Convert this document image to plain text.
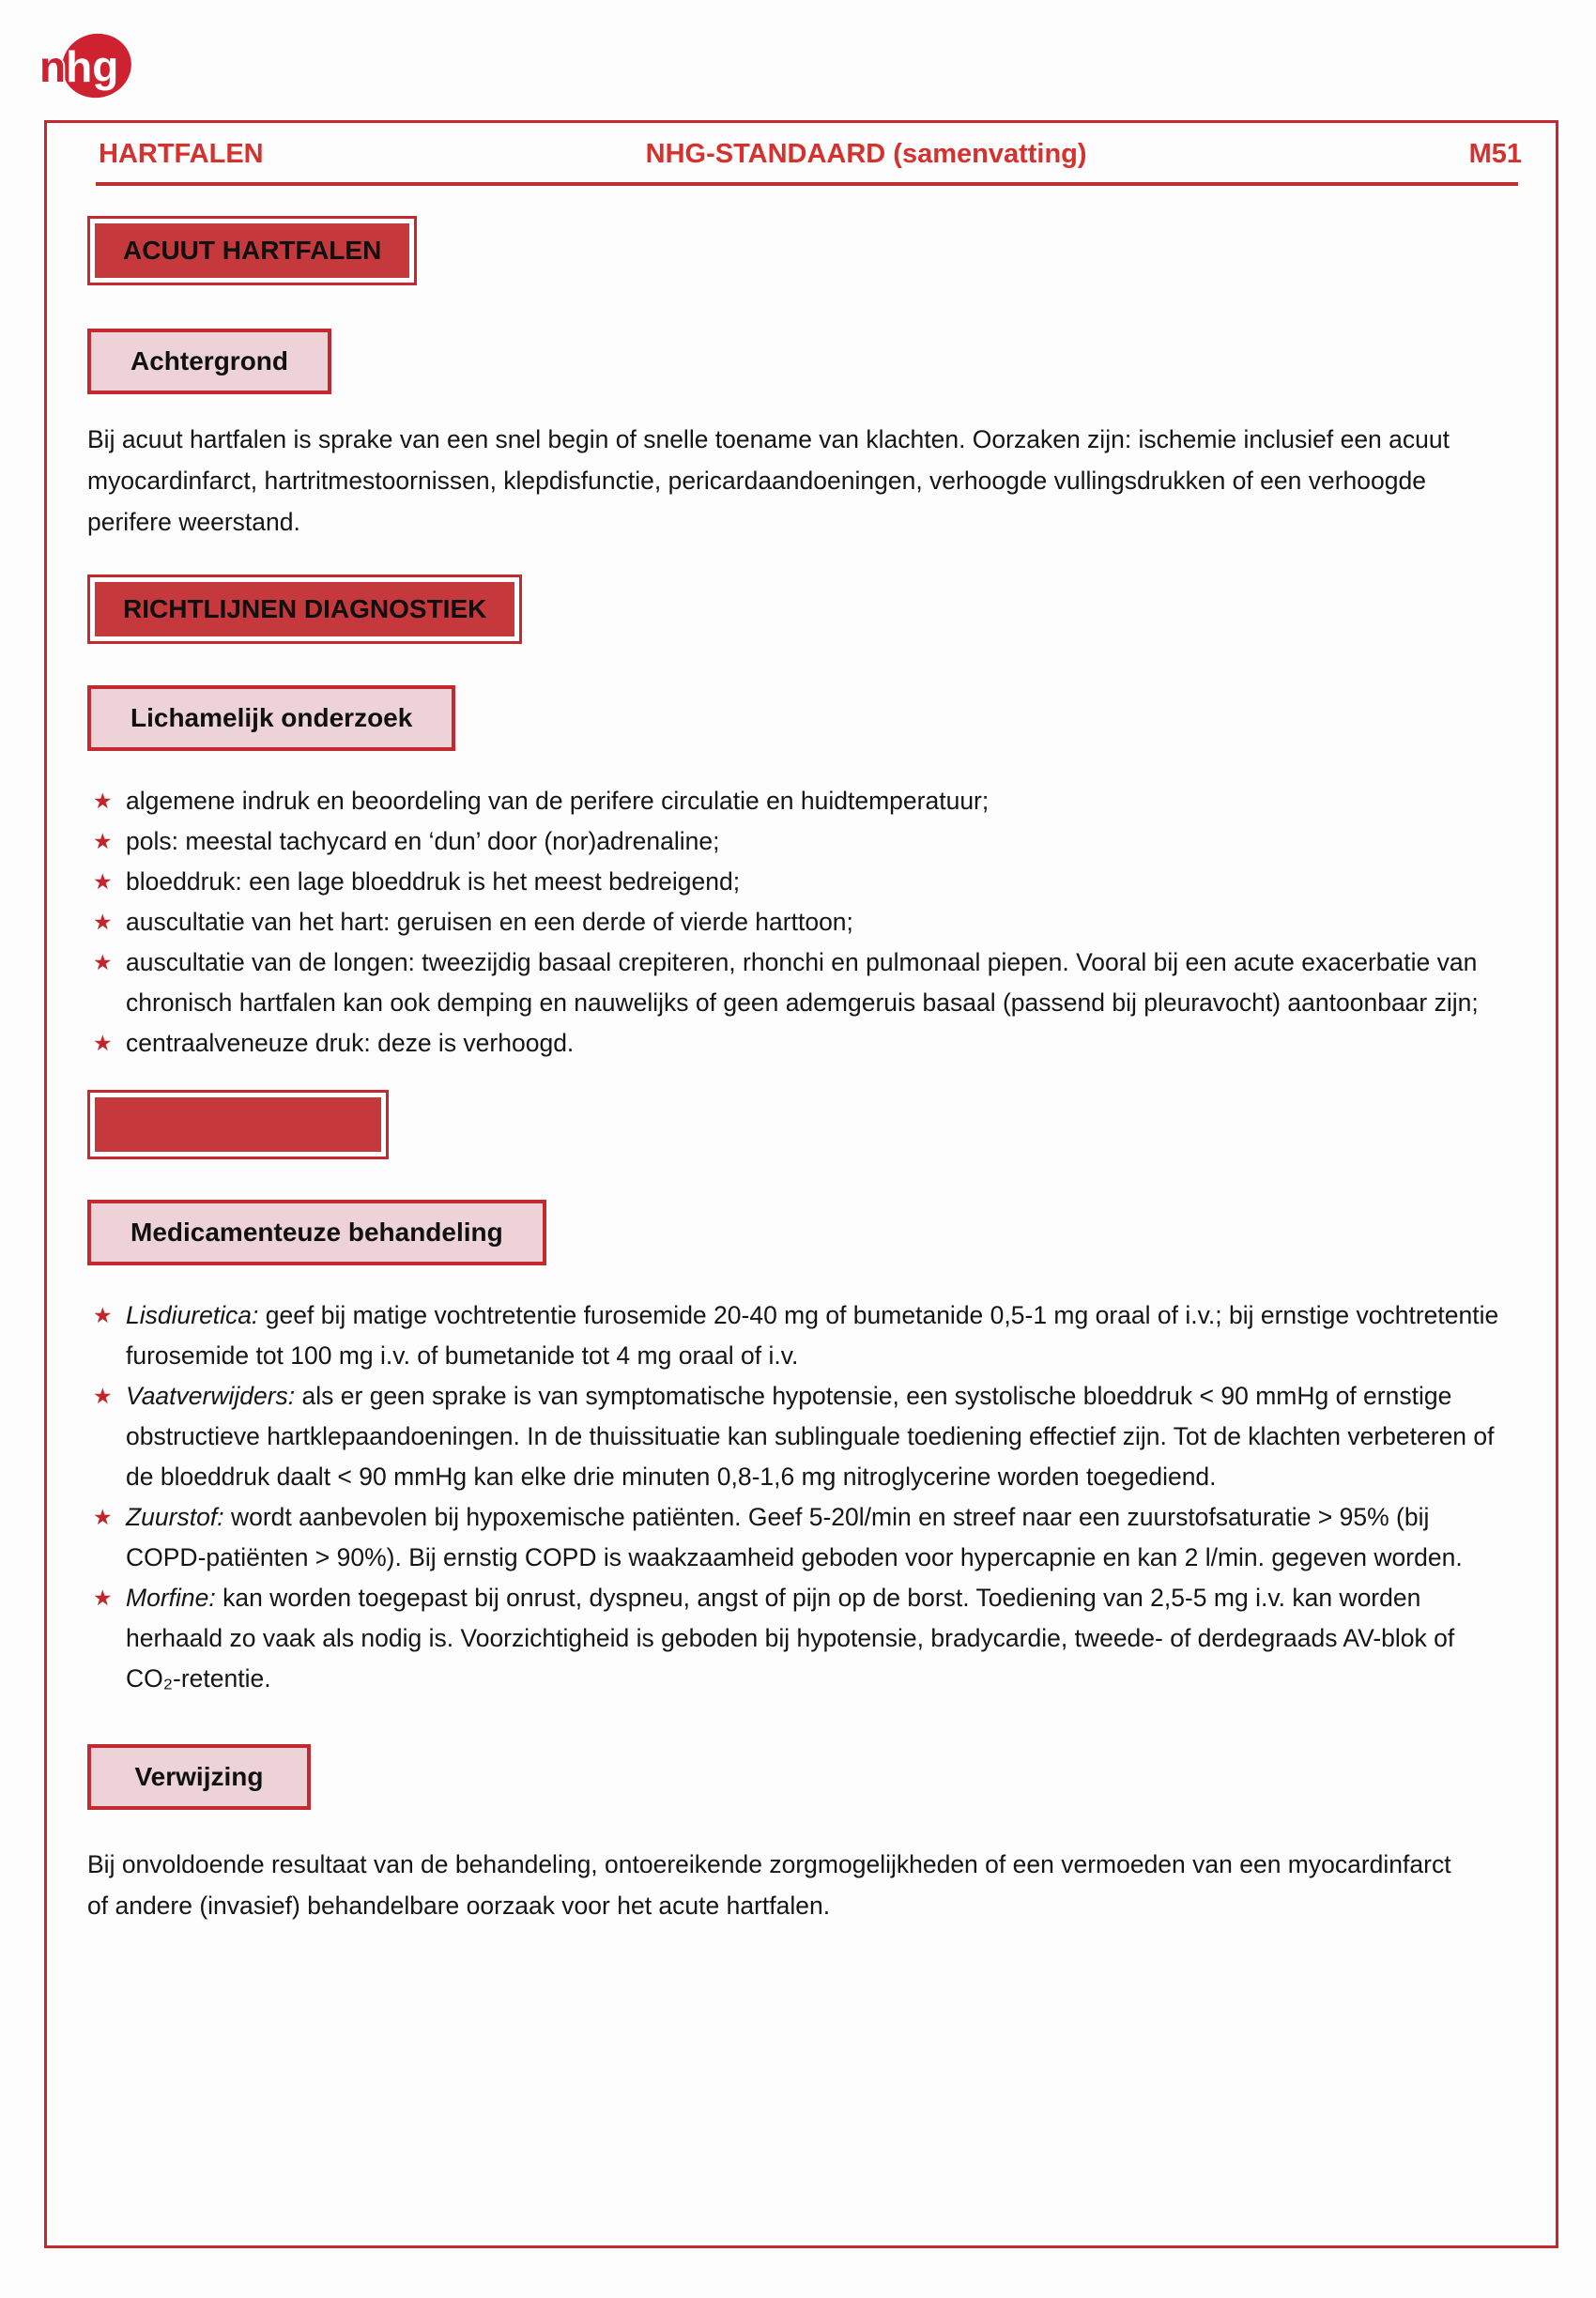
nhg
HARTFALEN	NHG-STANDAARD (samenvatting)	M51
ACUUT HARTFALEN
Achtergrond

Bij acuut hartfalen is sprake van een snel begin of snelle toename van klachten. Oorzaken zijn: ischemie inclusief een acuut myocardinfarct, hartritmestoornissen, klepdisfunctie, pericardaandoeningen, verhoogde vullingsdrukken of een verhoogde perifere weerstand.

RICHTLIJNEN DIAGNOSTIEK
Lichamelijk onderzoek
★ algemene indruk en beoordeling van de perifere circulatie en huidtemperatuur;
★ pols: meestal tachycard en ‘dun’ door (nor)adrenaline;
★ bloeddruk: een lage bloeddruk is het meest bedreigend;
★ auscultatie van het hart: geruisen en een derde of vierde harttoon;
★ auscultatie van de longen: tweezijdig basaal crepiteren, rhonchi en pulmonaal piepen. Vooral bij een acute exacerbatie van chronisch hartfalen kan ook demping en nauwelijks of geen ademgeruis basaal (passend bij pleuravocht) aantoonbaar zijn;
★ centraalveneuze druk: deze is verhoogd.
Medicamenteuze behandeling
★ Lisdiuretica: geef bij matige vochtretentie furosemide 20-40 mg of bumetanide 0,5-1 mg oraal of i.v.; bij ernstige vochtretentie furosemide tot 100 mg i.v. of bumetanide tot 4 mg oraal of i.v.
★ Vaatverwijders: als er geen sprake is van symptomatische hypotensie, een systolische bloeddruk < 90 mmHg of ernstige obstructieve hartklepaandoeningen. In de thuissituatie kan sublinguale toediening effectief zijn. Tot de klachten verbeteren of de bloeddruk daalt < 90 mmHg kan elke drie minuten 0,8-1,6 mg nitroglycerine worden toegediend.
★ Zuurstof: wordt aanbevolen bij hypoxemische patiënten. Geef 5-20l/min en streef naar een zuurstofsaturatie > 95% (bij COPD-patiënten > 90%). Bij ernstig COPD is waakzaamheid geboden voor hypercapnie en kan 2 l/min. gegeven worden.
★ Morfine: kan worden toegepast bij onrust, dyspneu, angst of pijn op de borst. Toediening van 2,5-5 mg i.v. kan worden herhaald zo vaak als nodig is. Voorzichtigheid is geboden bij hypotensie, bradycardie, tweede- of derdegraads AV-blok of CO₂-retentie.
Verwijzing

Bij onvoldoende resultaat van de behandeling, ontoereikende zorgmogelijkheden of een vermoeden van een myocardinfarct of andere (invasief) behandelbare oorzaak voor het acute hartfalen.
